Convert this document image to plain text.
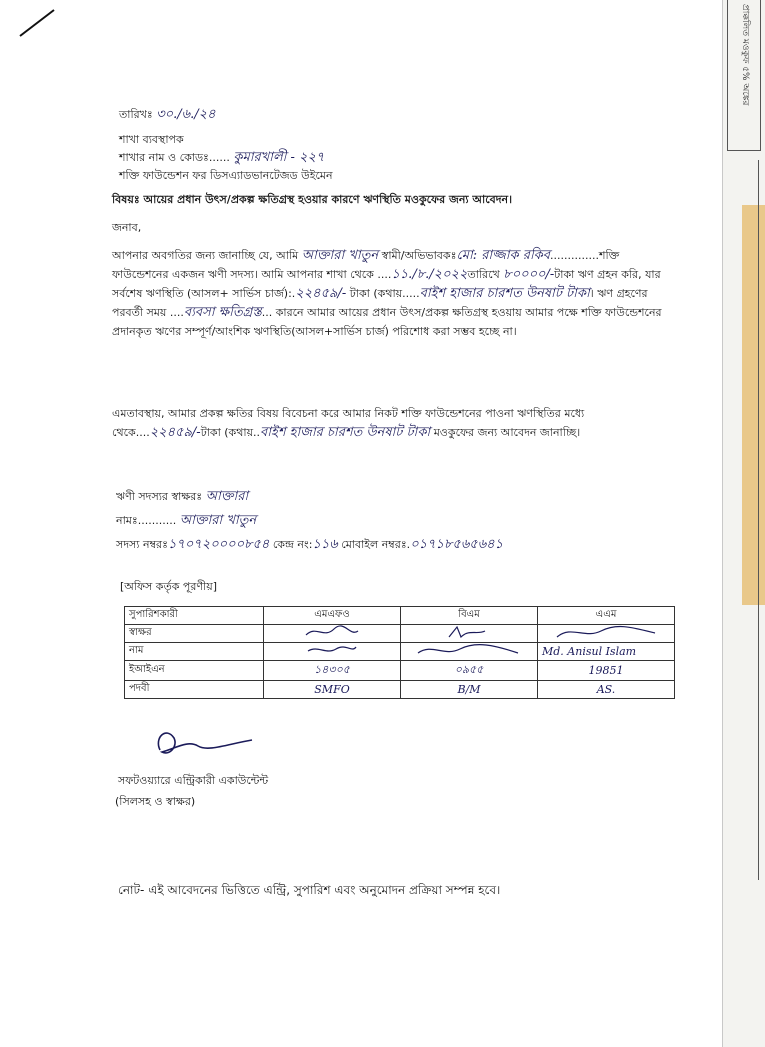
প্রাক্কলিত মওকুফ ৫% অঙ্কের
তারিখঃ ৩০./৬./২৪
শাখা ব্যবস্থাপক
শাখার নাম ও কোডঃ...... কুমারখালী - ২২৭
শক্তি ফাউন্ডেশন ফর ডিসএ্যাডভানটেজড উইমেন
বিষয়ঃ আয়ের প্রধান উৎস/প্রকল্প ক্ষতিগ্রস্থ হওয়ার কারণে ঋণস্থিতি মওকুফের জন্য আবেদন।
জনাব,
আপনার অবগতির জন্য জানাচ্ছি যে, আমি আক্তারা খাতুন স্বামী/অভিভাবকঃমো: রাজ্জাক রকিব..............শক্তি ফাউন্ডেশনের একজন ঋণী সদস্য। আমি আপনার শাখা থেকে ....১১./৮./২০২২তারিখে ৮০০০০/-টাকা ঋণ গ্রহন করি, যার সর্বশেষ ঋণস্থিতি (আসল+ সার্ভিস চার্জ):.২২৪৫৯/- টাকা (কথায়.....বাইশ হাজার চারশত উনষাট টাকা। ঋণ গ্রহণের পরবর্তী সময় ....ব্যবসা ক্ষতিগ্রস্ত... কারনে আমার আয়ের প্রধান উৎস/প্রকল্প ক্ষতিগ্রস্থ হওয়ায় আমার পক্ষে শক্তি ফাউন্ডেশনের প্রদানকৃত ঋণের সম্পূর্ণ/আংশিক ঋণস্থিতি(আসল+সার্ভিস চার্জ) পরিশোধ করা সম্ভব হচ্ছে না।
এমতাবস্থায়, আমার প্রকল্প ক্ষতির বিষয় বিবেচনা করে আমার নিকট শক্তি ফাউন্ডেশনের পাওনা ঋণস্থিতির মধ্যে থেকে....২২৪৫৯/-টাকা (কথায়..বাইশ হাজার চারশত উনষাট টাকা মওকুফের জন্য আবেদন জানাচ্ছি।
ঋণী সদস্যর স্বাক্ষরঃ আক্তারা
নামঃ........... আক্তারা খাতুন
সদস্য নম্বরঃ১৭০৭২০০০০৮৫৪ কেন্দ্র নং:১১৬ মোবাইল নম্বরঃ.০১৭১৮৫৬৫৬৪১
[অফিস কর্তৃক পূরণীয়]
সুপারিশকারী	এমএফও	বিএম	এএম
স্বাক্ষর			
নাম			Md. Anisul Islam
ইআইএন	১৪৩০৫	০৯৫৫	19851
পদবী	SMFO	B/M	AS.
সফটওয়্যারে এন্ট্রিকারী একাউন্টেন্ট
(সিলসহ ও স্বাক্ষর)
নোট- এই আবেদনের ভিত্তিতে এন্ট্রি, সুপারিশ এবং অনুমোদন প্রক্রিয়া সম্পন্ন হবে।
